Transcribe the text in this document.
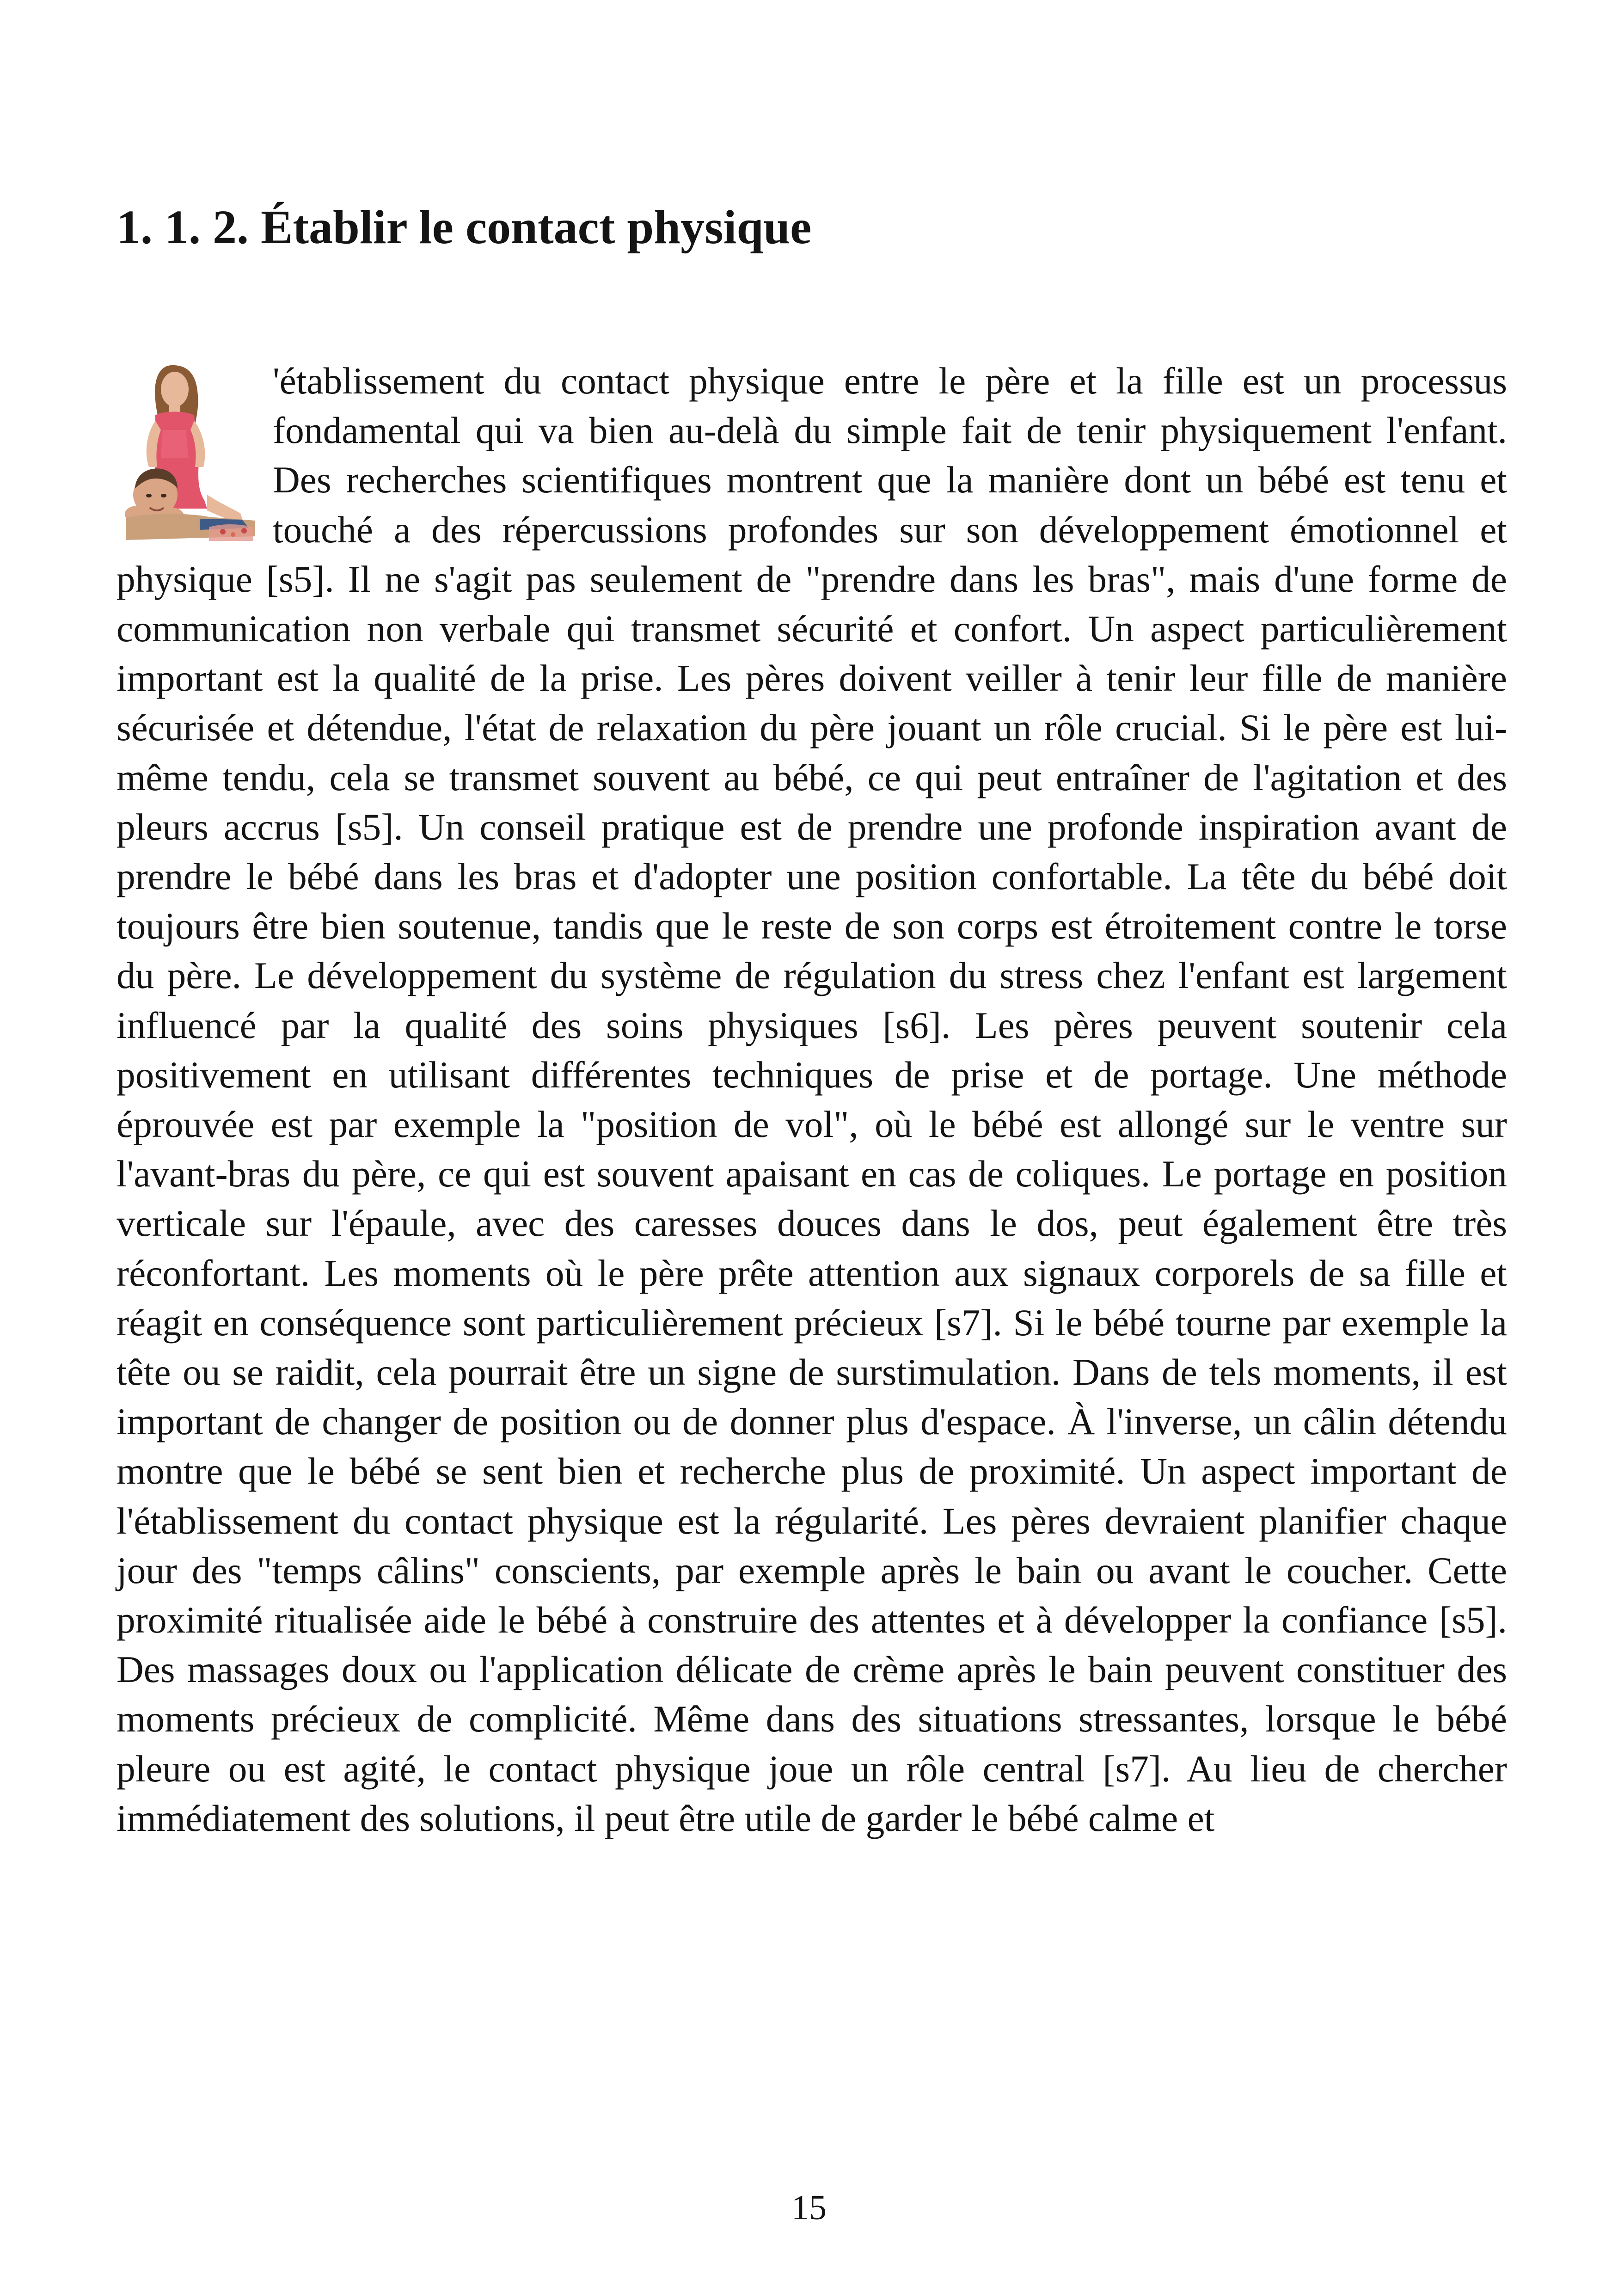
1. 1. 2. Établir le contact physique
'établissement du contact physique entre le père et la fille est un processus fondamental qui va bien au-delà du simple fait de tenir physiquement l'enfant. Des recherches scientifiques montrent que la manière dont un bébé est tenu et touché a des répercussions profondes sur son développement émotionnel et physique [s5]. Il ne s'agit pas seulement de "prendre dans les bras", mais d'une forme de communication non verbale qui transmet sécurité et confort. Un aspect particulièrement important est la qualité de la prise. Les pères doivent veiller à tenir leur fille de manière sécurisée et détendue, l'état de relaxation du père jouant un rôle crucial. Si le père est lui-même tendu, cela se transmet souvent au bébé, ce qui peut entraîner de l'agitation et des pleurs accrus [s5]. Un conseil pratique est de prendre une profonde inspiration avant de prendre le bébé dans les bras et d'adopter une position confortable. La tête du bébé doit toujours être bien soutenue, tandis que le reste de son corps est étroitement contre le torse du père. Le développement du système de régulation du stress chez l'enfant est largement influencé par la qualité des soins physiques [s6]. Les pères peuvent soutenir cela positivement en utilisant différentes techniques de prise et de portage. Une méthode éprouvée est par exemple la "position de vol", où le bébé est allongé sur le ventre sur l'avant-bras du père, ce qui est souvent apaisant en cas de coliques. Le portage en position verticale sur l'épaule, avec des caresses douces dans le dos, peut également être très réconfortant. Les moments où le père prête attention aux signaux corporels de sa fille et réagit en conséquence sont particulièrement précieux [s7]. Si le bébé tourne par exemple la tête ou se raidit, cela pourrait être un signe de surstimulation. Dans de tels moments, il est important de changer de position ou de donner plus d'espace. À l'inverse, un câlin détendu montre que le bébé se sent bien et recherche plus de proximité. Un aspect important de l'établissement du contact physique est la régularité. Les pères devraient planifier chaque jour des "temps câlins" conscients, par exemple après le bain ou avant le coucher. Cette proximité ritualisée aide le bébé à construire des attentes et à développer la confiance [s5]. Des massages doux ou l'application délicate de crème après le bain peuvent constituer des moments précieux de complicité. Même dans des situations stressantes, lorsque le bébé pleure ou est agité, le contact physique joue un rôle central [s7]. Au lieu de chercher immédiatement des solutions, il peut être utile de garder le bébé calme et
15
